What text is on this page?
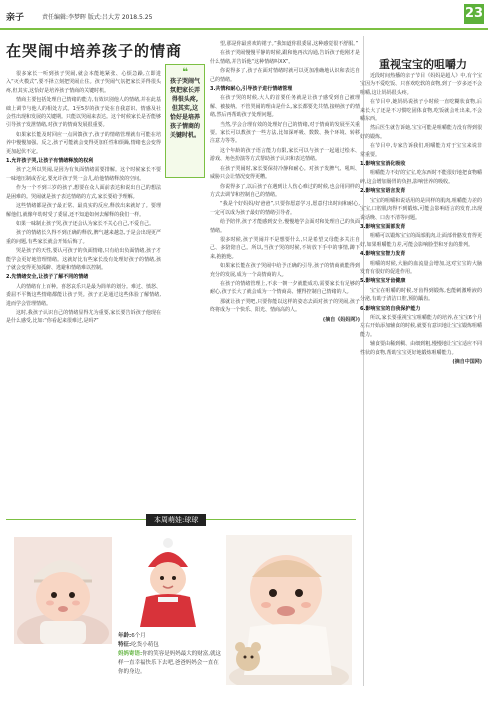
亲子	责任编辑:李梦晖 版式:吕大芳 2018.5.25	23
在哭闹中培养孩子的情商

很多家长一听到孩子哭闹,就会本能地紧张、心烦急躁,立即进入“灭火模式”,要不择立刻把哭闹止住。孩子哭闹气氛把家长弄得很头疼,但其实,这恰好是培养孩子情商的关键时机。

情商主要包括处理自己情绪的能力,有效识别他人的情绪,并在此基础上调节与他人的相处方式。1至5岁的孩子处在自我意识、情感及社会性出现和发展的关键期。只能以哭闹来表达。这个时候家长是否能够引导孩子发泄情绪,对孩子的情商发展很重要。

如果家长能及时回应一点回馈孩子,孩子的情绪管理就有可能在培养中慢慢加强。反之,孩子可能就会变得更加任性和烦躁,情绪也会变得更加起伏不定。

1.允许孩子哭,让孩子有情绪释放的权利

孩子之所以哭闹,是因为有负面情绪需要排解。这个时候家长不要一味地压制或否定,要允许孩子哭一会儿,给他情绪释放的空间。

作为一个不到三岁的孩子,想要在众人面前表达和说出自己的想法是困难的。哭闹就是孩子表达情绪的方式,家长要给予理解。

这些情绪都是孩子最正常、最真实的反应,释放出来就好了。要理解他们,就像年幼时受了委屈,还不知道如何去解释的我们一样。

如果一味制止孩子哭,孩子还会认为家长不关心自己,不爱自己。

孩子的情绪长久得不到正确的释放,脾气越来越急,于是会出现更严重的问题,有些家长就会开始后悔了。

哭是孩子的天性,要认可孩子的负面情绪,只有给出负面情绪,孩子才能学会更好地管理情绪。这就好比有些家长没有处理好孩子的情绪,孩子就会变得更加孤僻、逃避和情绪难以控制。

2.先情绪安全,让孩子了解不同的情绪

人的情绪有上百种。喜怒哀乐只是最为简单的划分。难过、愤怒、委屈不平衡这些情绪都能让孩子哭。孩子正是通过这些体验了解情绪,进而学会管理情绪。

这时,我孩子认识自己的情绪显得尤为重要,家长要告诉孩子他现在是什么感受,比如:“你看起来很难过,是吗?”

❝
孩子哭闹气氛把家长弄得很头疼,但其实,这恰好是培养孩子情商的关键时机。

望,那是你最喜欢的裙子。”我知道你很委屈,这种感觉很不舒服。”

在孩子哭闹慢慢平静的时候,跟和他再次沟通,告诉孩子他刚才是什么情绪,并告诉他“这种情绪叫XX”。

你说得多了,孩子在面对情绪时就可以更加准确地认识和表达自己的情绪。

3.共情和耐心,引导孩子进行情绪管理

在孩子哭的时候,大人的首要任务就是让孩子感受到自己被理解、被接纳。不管哭闹的理由是什么,家长都要先共情,接纳孩子的情绪,然后再帮助孩子处理问题。

当然,学会合理有效的处理好自己的情绪,对于情商的发展至关重要。家长可以教孩子一些方法,比如深呼吸、数数、换个环境、转移注意力等等。

这个年龄的孩子语言能力有限,家长可以与孩子一起通过绘本、游戏、角色扮演等方式帮助孩子认识和表达情绪。

在孩子哭闹时,家长要保持冷静和耐心。对孩子发脾气、吼叫、威胁只会让情况变得更糟。

你说得多了,以后孩子在遇到让人伤心难过的时候,也会用同样的方式去调节和控制自己的情绪。

“我是个好妈妈/好爸爸”,只要你愿意学习,愿意付出时间和耐心,一定可以成为孩子最好的情绪引导者。

给予陪伴,孩子才能感到安全,慢慢地学会面对和处理自己的负面情绪。

很多时候,孩子哭闹并不是想要什么,只是希望父母能多关注自己、多陪陪自己。所以,当孩子哭的时候,不妨放下手中的事情,蹲下来,抱抱他。

如果家长能在孩子哭闹中给予正确的引导,孩子的情商就能得到充分的发展,成为一个高情商的人。

在孩子的情绪管理上,不求一朝一夕就能成功,需要家长有足够的耐心,孩子长大了就会成为一个情商高、懂得控制自己情绪的人。

那就让孩子哭吧,只要你能以这样的姿态去面对孩子的哭闹,孩子终将成为一个快乐、阳光、情商高的人。

(摘自《妈妈网》)

重视宝宝的咀嚼力

近段时间热播的亲子节目《妈妈是超人》中,有个宝宝因为不爱吃饭、只喜欢吃软的食物,到了一岁多还不会咀嚼,这让妈妈很头疼。

在节目中,她妈妈说孩子小时候一直吃糊状食物,后来长大了还是不习惯吃固体食物,吃饭就会吐出来,不会嚼东西。

然后医生就告诉她,宝宝可能是咀嚼能力没有得到很好的锻炼。

在节目中,专家告诉我们,咀嚼能力对于宝宝来说非常重要。

1.影响宝宝消化吸收

咀嚼能力不好的宝宝,吃东西时不能很好地把食物嚼碎,这会增加肠胃的负担,影响营养的吸收。

2.影响宝宝语言发育

宝宝的咀嚼和说话用的是同样的肌肉,咀嚼能力差的宝宝,口腔肌肉得不到锻炼,可能会影响语言的发育,出现说话晚、口齿不清等问题。

3.影响宝宝面部发育

咀嚼可以锻炼宝宝的面部肌肉,让面部骨骼发育得更好,如果咀嚼能力差,可能会影响脸型和牙齿的排列。

4.影响宝宝智力发育

咀嚼的时候,大脑的血流量会增加,这对宝宝的大脑发育有很好的促进作用。

5.影响宝宝牙齿健康

宝宝在咀嚼的时候,牙齿得到锻炼,也能刺激唾液的分泌,有助于清洁口腔,预防龋齿。

6.影响宝宝的自我保护能力

所以,家长要重视宝宝咀嚼能力的培养,在宝宝6个月左右开始添加辅食的时候,就要有意识地让宝宝锻炼咀嚼能力。

辅食要由稀到稠、由细到粗,慢慢地让宝宝适应不同性状的食物,帮助宝宝更好地锻炼咀嚼能力。

(摘自中国网)

本周萌娃:球球
年龄:6个月
特征:吃货小萌包
妈妈寄语:你的笑容是妈妈最大的财富,就这样一直幸福快乐下去吧,爸爸妈妈会一直在你的身边。
